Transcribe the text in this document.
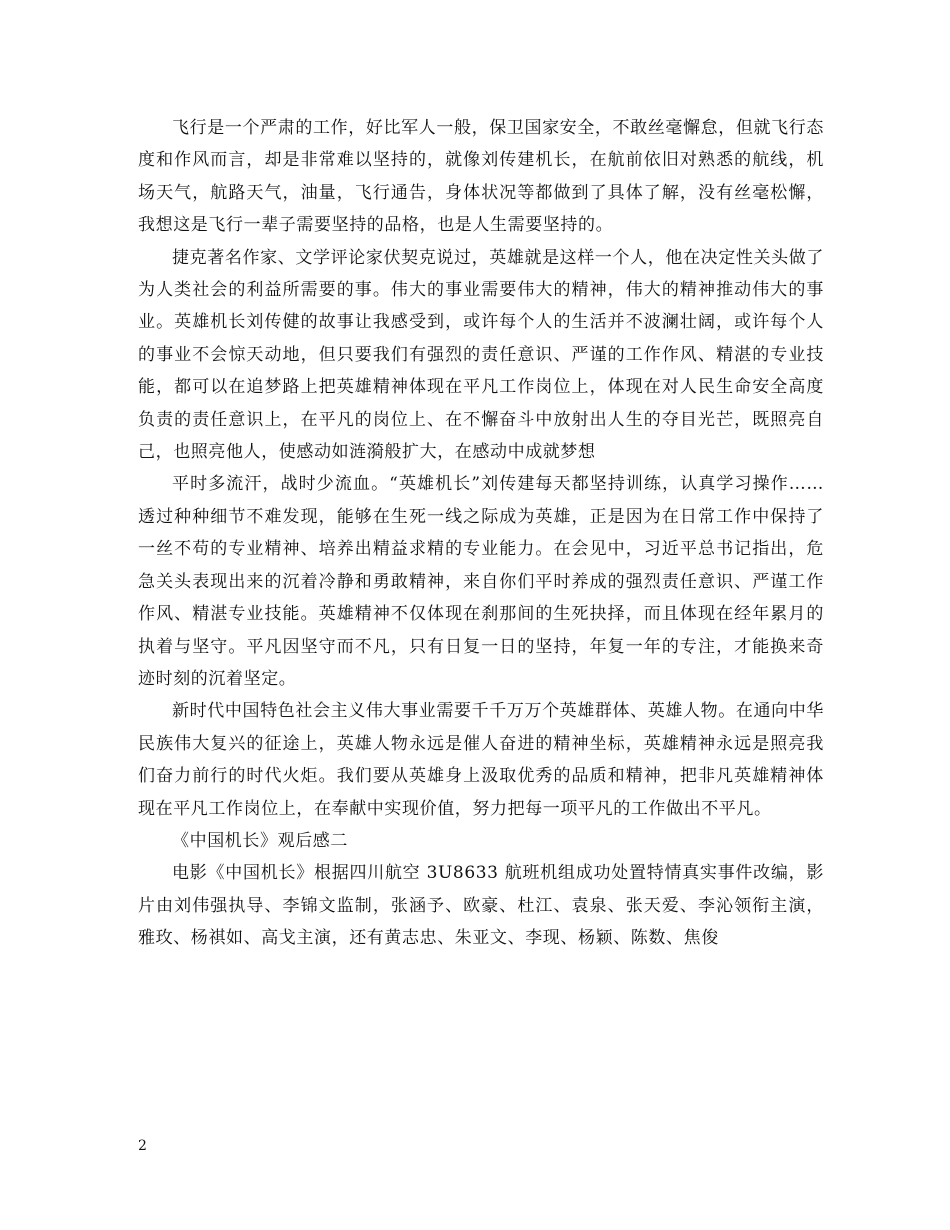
飞行是一个严肃的工作，好比军人一般，保卫国家安全，不敢丝毫懈怠，但就飞行态度和作风而言，却是非常难以坚持的，就像刘传建机长，在航前依旧对熟悉的航线，机场天气，航路天气，油量，飞行通告，身体状况等都做到了具体了解，没有丝毫松懈，我想这是飞行一辈子需要坚持的品格，也是人生需要坚持的。

捷克著名作家、文学评论家伏契克说过，英雄就是这样一个人，他在决定性关头做了为人类社会的利益所需要的事。伟大的事业需要伟大的精神，伟大的精神推动伟大的事业。英雄机长刘传健的故事让我感受到，或许每个人的生活并不波澜壮阔，或许每个人的事业不会惊天动地，但只要我们有强烈的责任意识、严谨的工作作风、精湛的专业技能，都可以在追梦路上把英雄精神体现在平凡工作岗位上，体现在对人民生命安全高度负责的责任意识上，在平凡的岗位上、在不懈奋斗中放射出人生的夺目光芒，既照亮自己，也照亮他人，使感动如涟漪般扩大，在感动中成就梦想

平时多流汗，战时少流血。“英雄机长”刘传建每天都坚持训练，认真学习操作……透过种种细节不难发现，能够在生死一线之际成为英雄，正是因为在日常工作中保持了一丝不苟的专业精神、培养出精益求精的专业能力。在会见中，习近平总书记指出，危急关头表现出来的沉着冷静和勇敢精神，来自你们平时养成的强烈责任意识、严谨工作作风、精湛专业技能。英雄精神不仅体现在刹那间的生死抉择，而且体现在经年累月的执着与坚守。平凡因坚守而不凡，只有日复一日的坚持，年复一年的专注，才能换来奇迹时刻的沉着坚定。

新时代中国特色社会主义伟大事业需要千千万万个英雄群体、英雄人物。在通向中华民族伟大复兴的征途上，英雄人物永远是催人奋进的精神坐标，英雄精神永远是照亮我们奋力前行的时代火炬。我们要从英雄身上汲取优秀的品质和精神，把非凡英雄精神体现在平凡工作岗位上，在奉献中实现价值，努力把每一项平凡的工作做出不平凡。

《中国机长》观后感二

电影《中国机长》根据四川航空 3U8633 航班机组成功处置特情真实事件改编，影片由刘伟强执导、李锦文监制，张涵予、欧豪、杜江、袁泉、张天爱、李沁领衔主演，雅玫、杨祺如、高戈主演，还有黄志忠、朱亚文、李现、杨颖、陈数、焦俊

2
